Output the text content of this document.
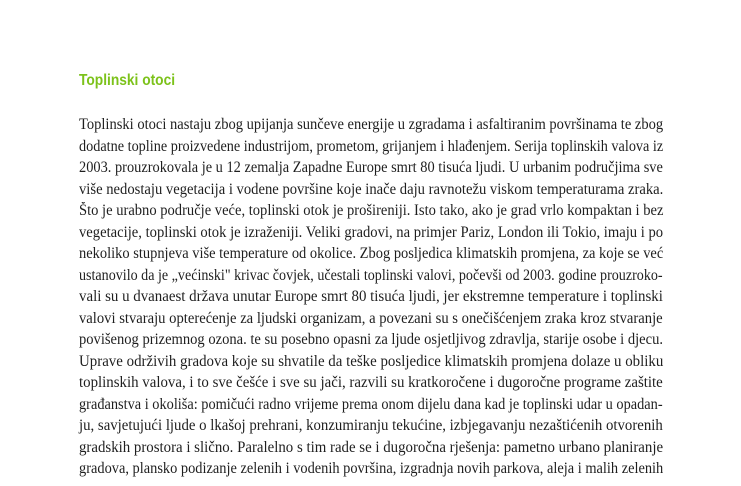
Toplinski otoci
Toplinski otoci nastaju zbog upijanja sunčeve energije u zgradama i asfaltiranim površinama te zbog
dodatne topline proizvedene industrijom, prometom, grijanjem i hlađenjem. Serija toplinskih valova iz
2003. prouzrokovala je u 12 zemalja Zapadne Europe smrt 80 tisuća ljudi. U urbanim područjima sve
više nedostaju vegetacija i vodene površine koje inače daju ravnotežu viskom temperaturama zraka.
Što je urabno područje veće, toplinski otok je prošireniji. Isto tako, ako je grad vrlo kompaktan i bez
vegetacije, toplinski otok je izraženiji. Veliki gradovi, na primjer Pariz, London ili Tokio, imaju i po
nekoliko stupnjeva više temperature od okolice. Zbog posljedica klimatskih promjena, za koje se već
ustanovilo da je „većinski" krivac čovjek, učestali toplinski valovi, počevši od 2003. godine prouzroko-
vali su u dvanaest država unutar Europe smrt 80 tisuća ljudi, jer ekstremne temperature i toplinski
valovi stvaraju opterećenje za ljudski organizam, a povezani su s onečišćenjem zraka kroz stvaranje
povišenog prizemnog ozona. te su posebno opasni za ljude osjetljivog zdravlja, starije osobe i djecu.
Uprave održivih gradova koje su shvatile da teške posljedice klimatskih promjena dolaze u obliku
toplinskih valova, i to sve češće i sve su jači, razvili su kratkoročene i dugoročne programe zaštite
građanstva i okoliša: pomičući radno vrijeme prema onom dijelu dana kad je toplinski udar u opadan-
ju, savjetujući ljude o lkašoj prehrani, konzumiranju tekućine, izbjegavanju nezaštićenih otvorenih
gradskih prostora i slično. Paralelno s tim rade se i dugoročna rješenja: pametno urbano planiranje
gradova, plansko podizanje zelenih i vodenih površina, izgradnja novih parkova, aleja i malih zelenih
